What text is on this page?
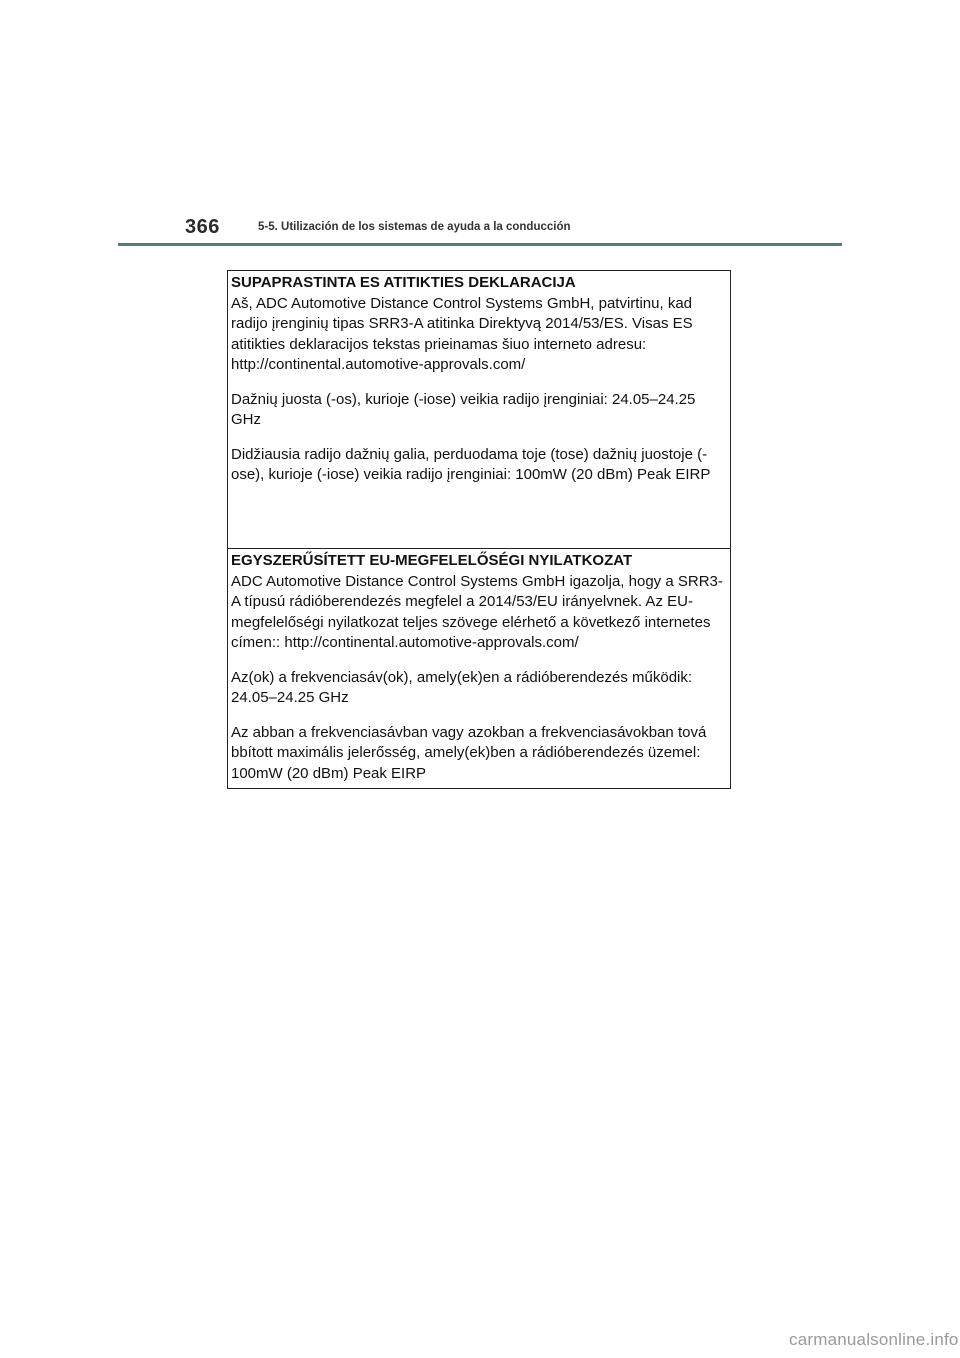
366	5-5. Utilización de los sistemas de ayuda a la conducción

SUPAPRASTINTA ES ATITIKTIES DEKLARACIJA

Aš, ADC Automotive Distance Control Systems GmbH, patvirtinu, kad radijo įrenginių tipas SRR3-A atitinka Direktyvą 2014/53/ES. Visas ES atitikties deklaracijos tekstas prieinamas šiuo interneto adresu: http://continental.automotive-approvals.com/

Dažnių juosta (-os), kurioje (-iose) veikia radijo įrenginiai: 24.05–24.25 GHz

Didžiausia radijo dažnių galia, perduodama toje (tose) dažnių juostoje (-ose), kurioje (-iose) veikia radijo įrenginiai: 100mW (20 dBm) Peak EIRP

EGYSZERŰSÍTETT EU-MEGFELELŐSÉGI NYILATKOZAT

ADC Automotive Distance Control Systems GmbH igazolja, hogy a SRR3-A típusú rádióberendezés megfelel a 2014/53/EU irányelvnek. Az EU-megfelelőségi nyilatkozat teljes szövege elérhető a következő internetes címen:: http://continental.automotive-approvals.com/

Az(ok) a frekvenciasáv(ok), amely(ek)en a rádióberendezés működik: 24.05–24.25 GHz

Az abban a frekvenciasávban vagy azokban a frekvenciasávokban tová bbított maximális jelerősség, amely(ek)ben a rádióberendezés üzemel: 100mW (20 dBm) Peak EIRP

carmanualsonline.info
